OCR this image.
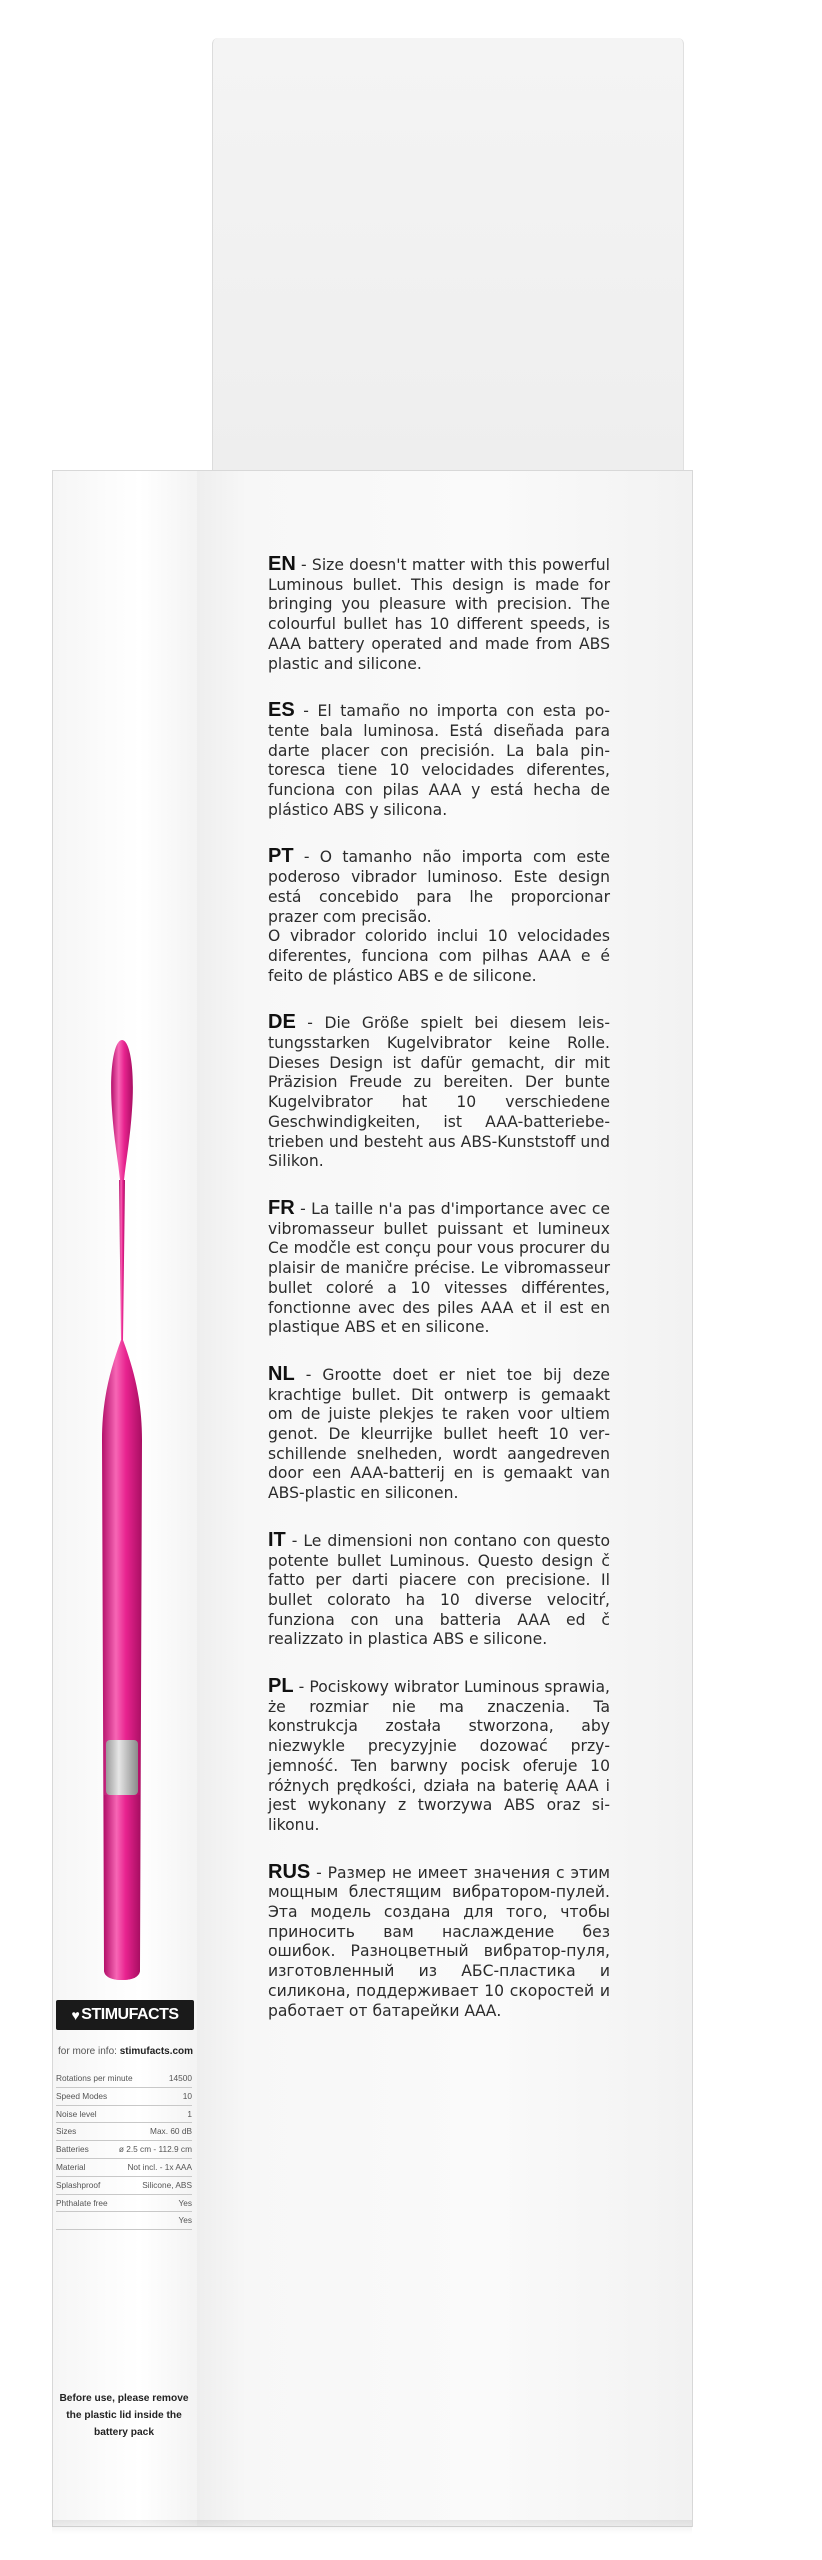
♥ STIMUFACTS
for more info: stimufacts.com
Rotations per minute	14500
Speed Modes	10
Noise level	1
Sizes	Max. 60 dB
Batteries	ø 2.5 cm - 112.9 cm
Material	Not incl. - 1x AAA
Splashproof	Silicone, ABS
Phthalate free	Yes
Yes
Before use, please remove the plastic lid inside the battery pack

EN - Size doesn't matter with this powerful Luminous bullet. This design is made for bringing you pleasure with precision. The colourful bullet has 10 different speeds, is AAA battery operated and made from ABS plastic and silicone.

ES - El tamaño no importa con esta potente bala luminosa. Está diseñada para darte placer con precisión. La bala pintoresca tiene 10 velocidades diferentes, funciona con pilas AAA y está hecha de plástico ABS y silicona.

PT - O tamanho não importa com este poderoso vibrador luminoso. Este design está concebido para lhe proporcionar prazer com precisão.
O vibrador colorido inclui 10 velocidades diferentes, funciona com pilhas AAA e é feito de plástico ABS e de silicone.

DE - Die Größe spielt bei diesem leistungsstarken Kugelvibrator keine Rolle. Dieses Design ist dafür gemacht, dir mit Präzision Freude zu bereiten. Der bunte Kugelvibrator hat 10 verschiedene Geschwindigkeiten, ist AAA-batteriebetrieben und besteht aus ABS-Kunststoff und Silikon.

FR - La taille n'a pas d'importance avec ce vibromasseur bullet puissant et lumineux Ce modčle est conçu pour vous procurer du plaisir de maničre précise. Le vibromasseur bullet coloré a 10 vitesses différentes, fonctionne avec des piles AAA et il est en plastique ABS et en silicone.

NL - Grootte doet er niet toe bij deze krachtige bullet. Dit ontwerp is gemaakt om de juiste plekjes te raken voor ultiem genot. De kleurrijke bullet heeft 10 verschillende snelheden, wordt aangedreven door een AAA-batterij en is gemaakt van ABS-plastic en siliconen.

IT - Le dimensioni non contano con questo potente bullet Luminous. Questo design č fatto per darti piacere con precisione. Il bullet colorato ha 10 diverse velocitŕ, funziona con una batteria AAA ed č realizzato in plastica ABS e silicone.

PL - Pociskowy wibrator Luminous sprawia, że rozmiar nie ma znaczenia. Ta konstrukcja została stworzona, aby niezwykle precyzyjnie dozować przyjemność. Ten barwny pocisk oferuje 10 różnych prędkości, działa na baterię AAA i jest wykonany z tworzywa ABS oraz silikonu.

RUS - Размер не имеет значения с этим мощным блестящим вибратором-пулей. Эта модель создана для того, чтобы приносить вам наслаждение без ошибок. Разноцветный вибратор-пуля, изготовленный из АБС-пластика и силикона, поддерживает 10 скоростей и работает от батарейки ААА.
